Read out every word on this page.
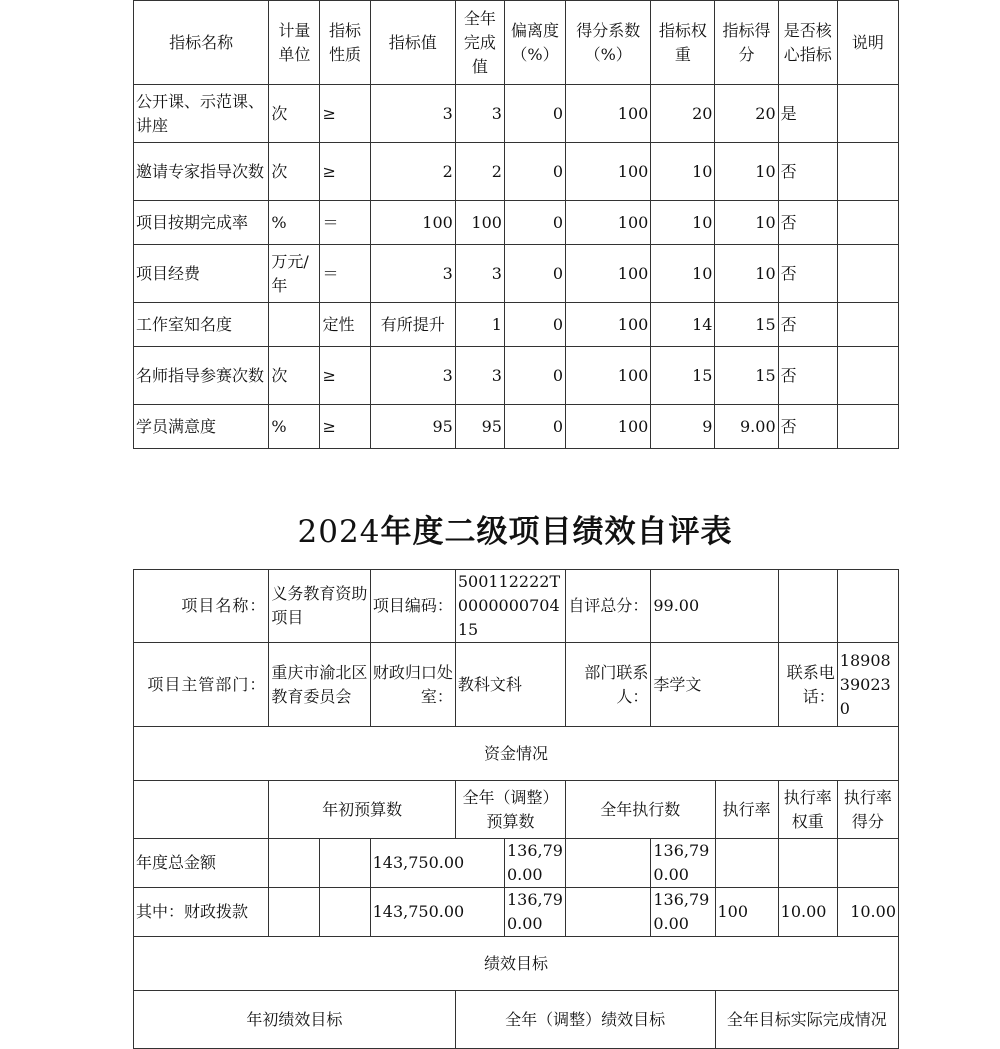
指标名称	计量单位	指标性质	指标值	全年完成值	偏离度（%）	得分系数（%）	指标权重	指标得分	是否核心指标	说明
公开课、示范课、讲座	次	≥	3	3	0	100	20	20	是	
邀请专家指导次数	次	≥	2	2	0	100	10	10	否	
项目按期完成率	%	＝	100	100	0	100	10	10	否	
项目经费	万元/年	＝	3	3	0	100	10	10	否	
工作室知名度		定性	有所提升	1	0	100	14	15	否	
名师指导参赛次数	次	≥	3	3	0	100	15	15	否	
学员满意度	%	≥	95	95	0	100	9	9.00	否	
2024年度二级项目绩效自评表
项目名称：	义务教育资助项目		项目编码：	500112222T000000070415		自评总分：	99.00			
项目主管部门：	重庆市渝北区教育委员会		财政归口处室：	教科文科		部门联系人：	李学文		联系电话：	18908390230
资金情况										
	年初预算数			全年（调整）预算数		全年执行数		执行率	执行率权重	执行率得分
年度总金额			143,750.00		136,790.00		136,790.00			
其中：财政拨款			143,750.00		136,790.00		136,790.00	100	10.00	10.00
绩效目标										
年初绩效目标				全年（调整）绩效目标				全年目标实际完成情况		
